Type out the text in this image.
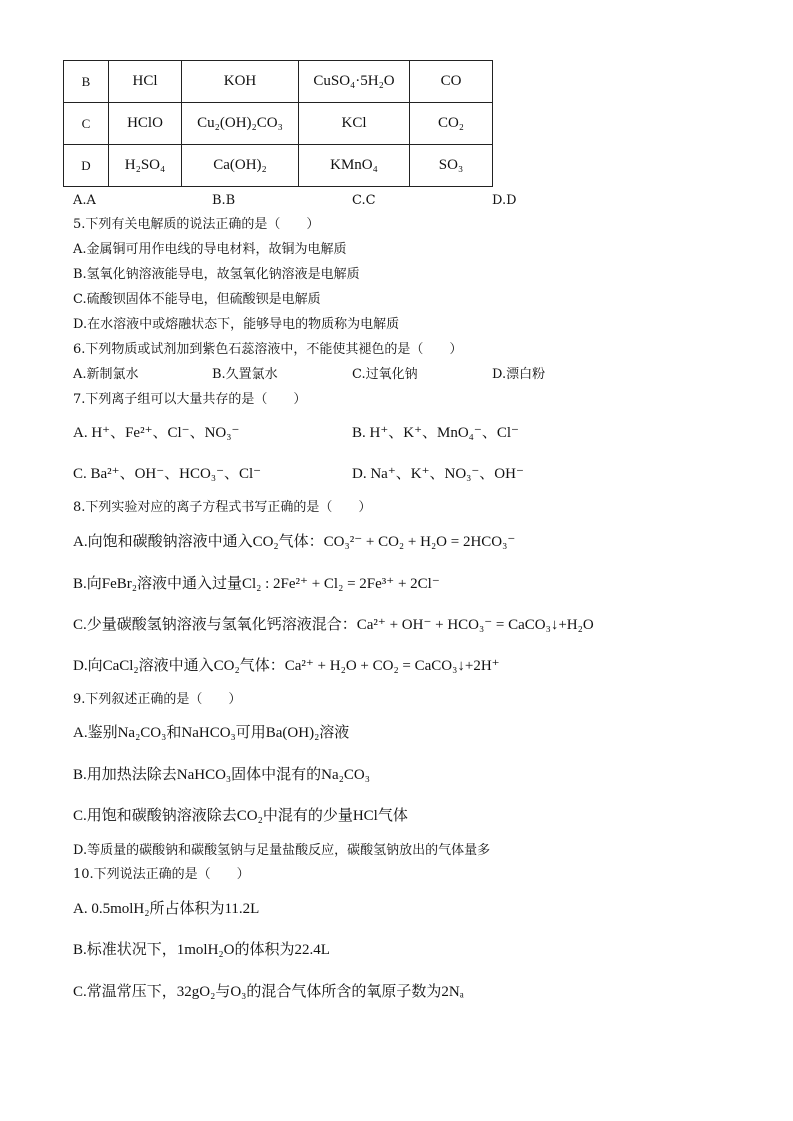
B	HCl	KOH	CuSO₄·5H₂O	CO
C	HClO	Cu₂(OH)₂CO₃	KCl	CO₂
D	H₂SO₄	Ca(OH)₂	KMnO₄	SO₃
A.A	B.B	C.C	D.D
5.下列有关电解质的说法正确的是（　　）
A.金属铜可用作电线的导电材料，故铜为电解质
B.氢氧化钠溶液能导电，故氢氧化钠溶液是电解质
C.硫酸钡固体不能导电，但硫酸钡是电解质
D.在水溶液中或熔融状态下，能够导电的物质称为电解质
6.下列物质或试剂加到紫色石蕊溶液中，不能使其褪色的是（　　）
A.新制氯水	B.久置氯水	C.过氧化钠	D.漂白粉
7.下列离子组可以大量共存的是（　　）
A. H⁺、Fe²⁺、Cl⁻、NO₃⁻	B. H⁺、K⁺、MnO₄⁻、Cl⁻
C. Ba²⁺、OH⁻、HCO₃⁻、Cl⁻	D. Na⁺、K⁺、NO₃⁻、OH⁻
8.下列实验对应的离子方程式书写正确的是（　　）
A.向饱和碳酸钠溶液中通入CO₂气体：CO₃²⁻ + CO₂ + H₂O = 2HCO₃⁻
B.向FeBr₂溶液中通入过量Cl₂ : 2Fe²⁺ + Cl₂ = 2Fe³⁺ + 2Cl⁻
C.少量碳酸氢钠溶液与氢氧化钙溶液混合：Ca²⁺ + OH⁻ + HCO₃⁻ = CaCO₃↓+H₂O
D.向CaCl₂溶液中通入CO₂气体：Ca²⁺ + H₂O + CO₂ = CaCO₃↓+2H⁺
9.下列叙述正确的是（　　）
A.鉴别Na₂CO₃和NaHCO₃可用Ba(OH)₂溶液
B.用加热法除去NaHCO₃固体中混有的Na₂CO₃
C.用饱和碳酸钠溶液除去CO₂中混有的少量HCl气体
D.等质量的碳酸钠和碳酸氢钠与足量盐酸反应，碳酸氢钠放出的气体量多
10.下列说法正确的是（　　）
A. 0.5molH₂所占体积为11.2L
B.标准状况下，1molH₂O的体积为22.4L
C.常温常压下，32gO₂与O₃的混合气体所含的氧原子数为2Nₐ
